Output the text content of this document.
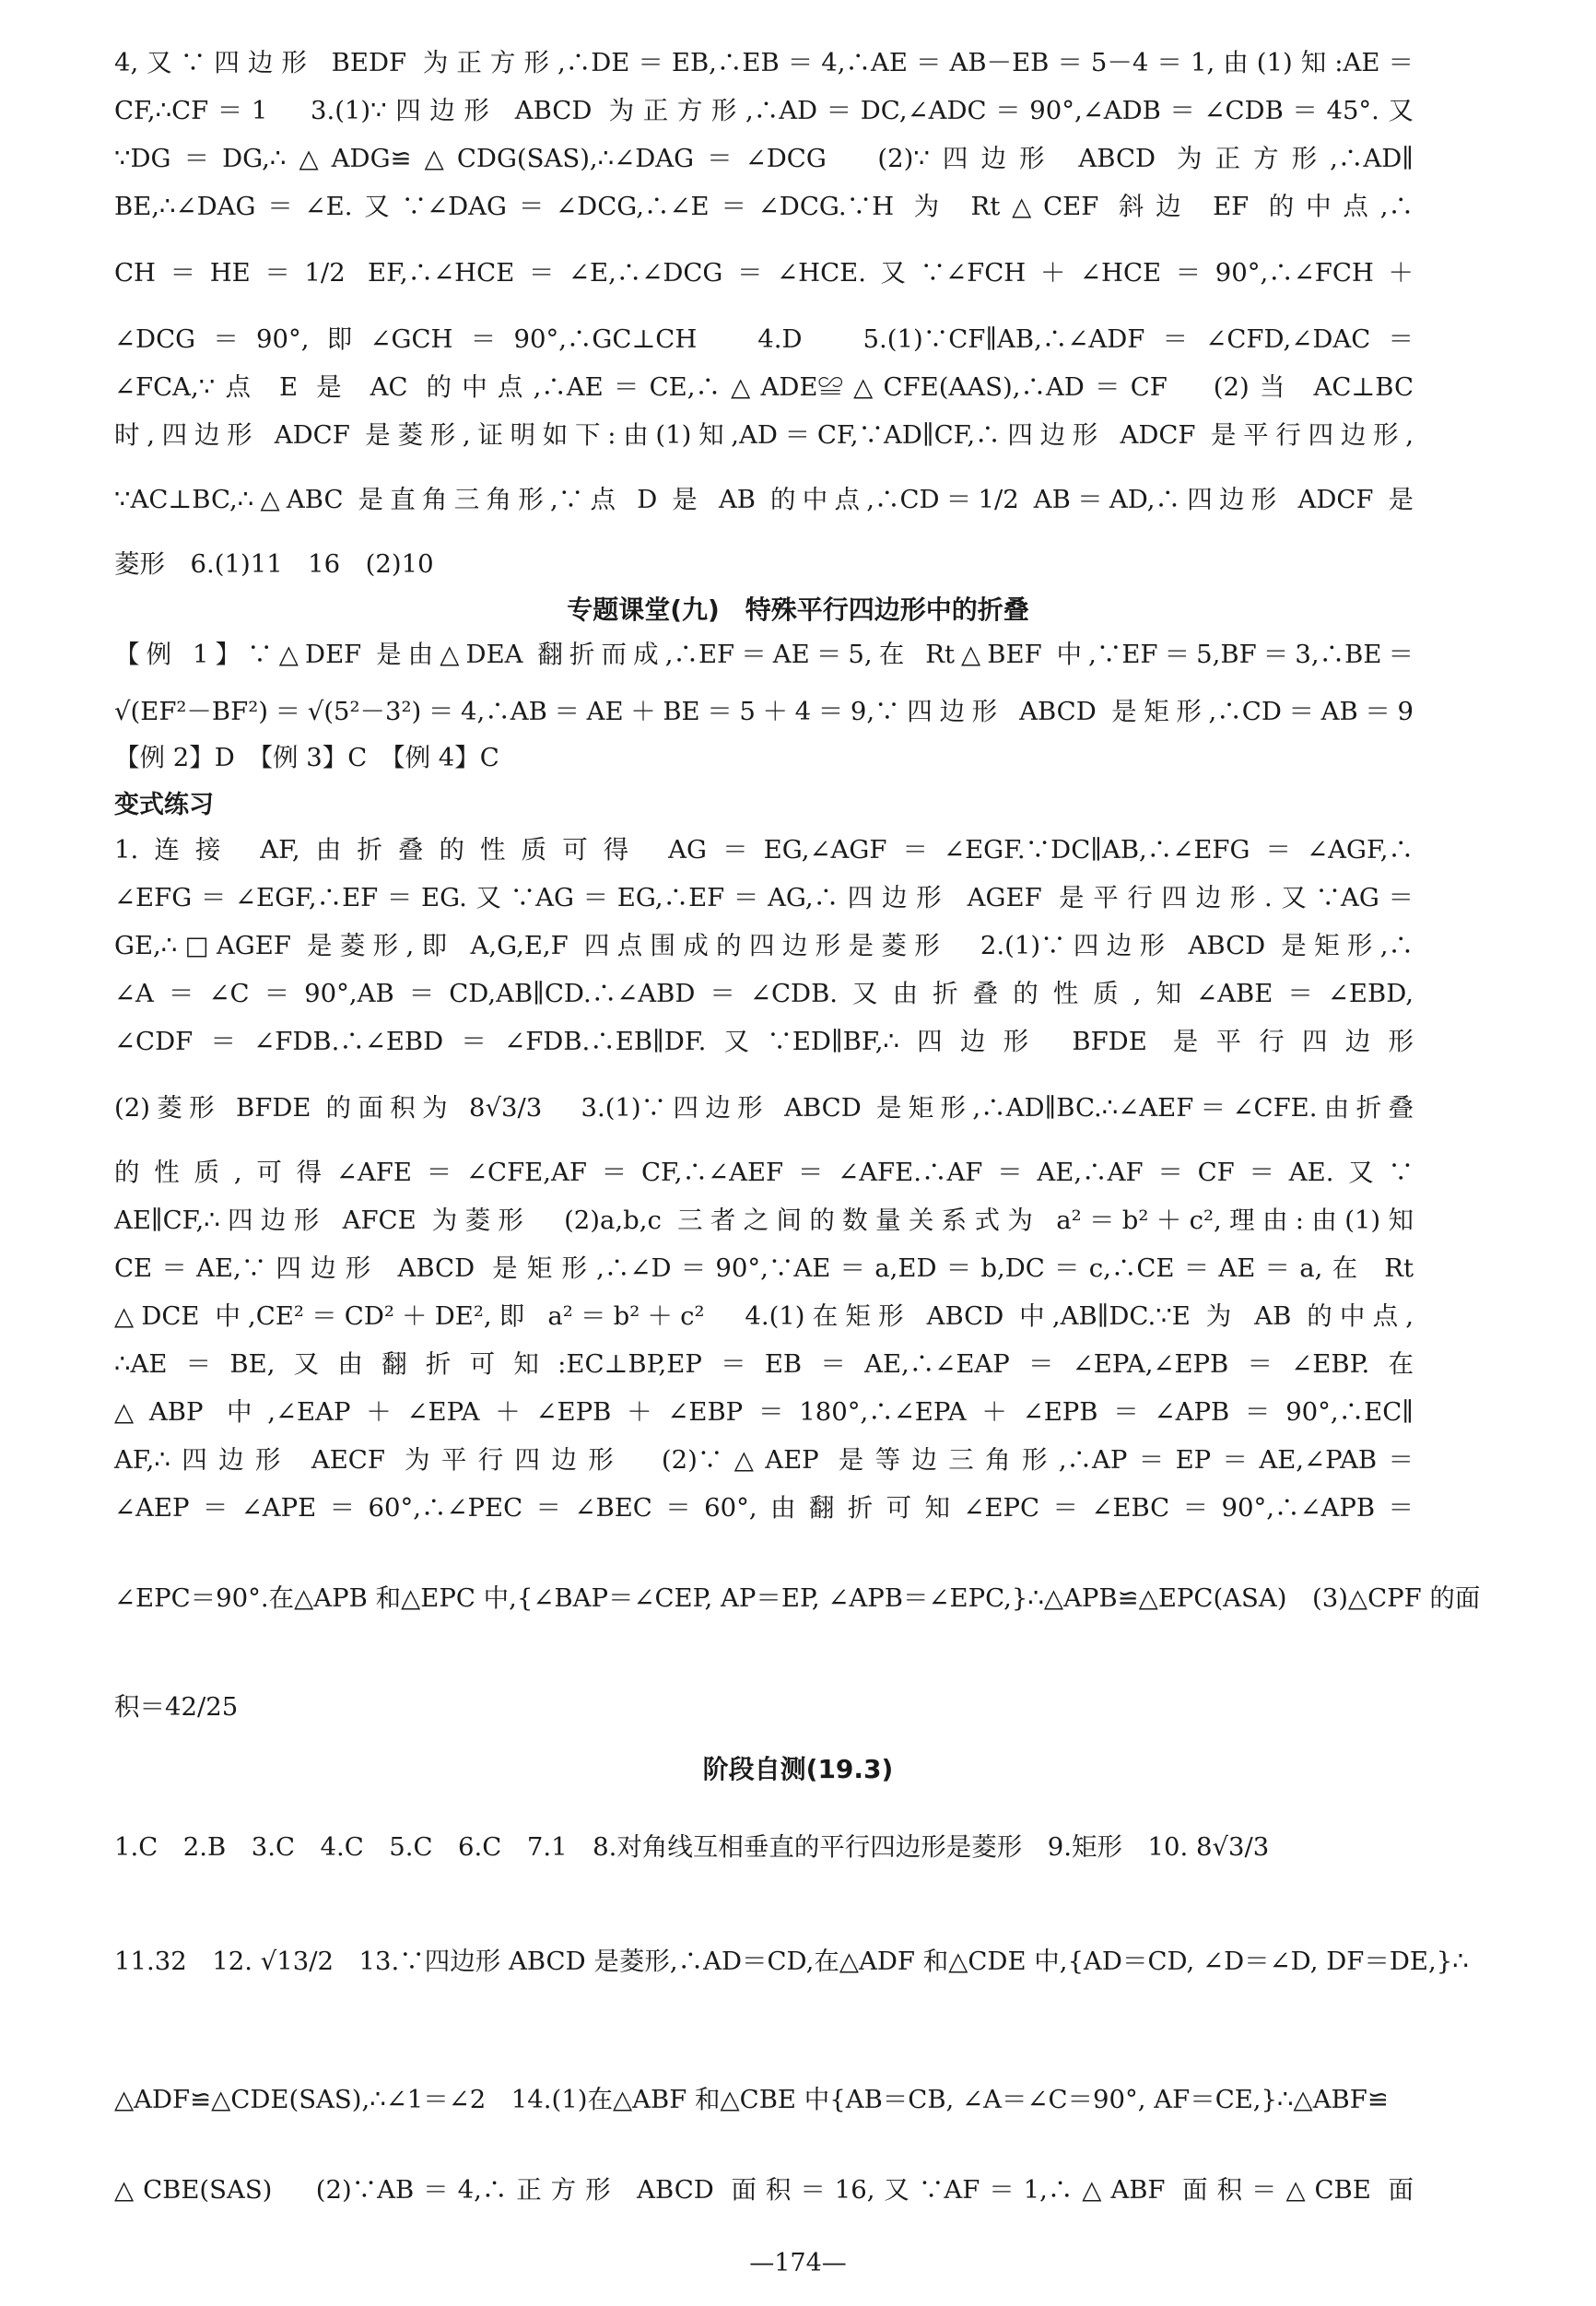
4,又∵四边形 BEDF 为正方形,∴DE＝EB,∴EB＝4,∴AE＝AB－EB＝5－4＝1,由(1)知:AE＝
CF,∴CF＝1　3.(1)∵四边形 ABCD 为正方形,∴AD＝DC,∠ADC＝90°,∠ADB＝∠CDB＝45°.又
∵DG＝DG,∴△ADG≌△CDG(SAS),∴∠DAG＝∠DCG　(2)∵四边形 ABCD 为正方形,∴AD∥
BE,∴∠DAG＝∠E.又∵∠DAG＝∠DCG,∴∠E＝∠DCG.∵H 为 Rt△CEF 斜边 EF 的中点,∴
CH＝HE＝1/2 EF,∴∠HCE＝∠E,∴∠DCG＝∠HCE.又∵∠FCH＋∠HCE＝90°,∴∠FCH＋
∠DCG＝90°,即∠GCH＝90°,∴GC⊥CH　4.D　5.(1)∵CF∥AB,∴∠ADF＝∠CFD,∠DAC＝
∠FCA,∵点 E 是 AC 的中点,∴AE＝CE,∴△ADE≌△CFE(AAS),∴AD＝CF　(2)当 AC⊥BC
时,四边形 ADCF 是菱形,证明如下:由(1)知,AD＝CF,∵AD∥CF,∴四边形 ADCF 是平行四边形,
∵AC⊥BC,∴△ABC 是直角三角形,∵点 D 是 AB 的中点,∴CD＝1/2 AB＝AD,∴四边形 ADCF 是
菱形　6.(1)11　16　(2)10
专题课堂(九)　特殊平行四边形中的折叠
【例 1】∵△DEF 是由△DEA 翻折而成,∴EF＝AE＝5,在 Rt△BEF 中,∵EF＝5,BF＝3,∴BE＝
√(EF²－BF²)＝√(5²－3²)＝4,∴AB＝AE＋BE＝5＋4＝9,∵四边形 ABCD 是矩形,∴CD＝AB＝9
【例 2】D　【例 3】C　【例 4】C
变式练习
1.连接 AF,由折叠的性质可得 AG＝EG,∠AGF＝∠EGF.∵DC∥AB,∴∠EFG＝∠AGF,∴
∠EFG＝∠EGF,∴EF＝EG.又∵AG＝EG,∴EF＝AG,∴四边形 AGEF 是平行四边形.又∵AG＝
GE,∴□AGEF 是菱形,即 A,G,E,F 四点围成的四边形是菱形　2.(1)∵四边形 ABCD 是矩形,∴
∠A＝∠C＝90°,AB＝CD,AB∥CD.∴∠ABD＝∠CDB.又由折叠的性质,知∠ABE＝∠EBD,
∠CDF＝∠FDB.∴∠EBD＝∠FDB.∴EB∥DF.又∵ED∥BF,∴四边形 BFDE 是平行四边形
(2)菱形 BFDE 的面积为 8√3/3　3.(1)∵四边形 ABCD 是矩形,∴AD∥BC.∴∠AEF＝∠CFE.由折叠
的性质,可得∠AFE＝∠CFE,AF＝CF,∴∠AEF＝∠AFE.∴AF＝AE,∴AF＝CF＝AE.又∵
AE∥CF,∴四边形 AFCE 为菱形　(2)a,b,c 三者之间的数量关系式为 a²＝b²＋c²,理由:由(1)知
CE＝AE,∵四边形 ABCD 是矩形,∴∠D＝90°,∵AE＝a,ED＝b,DC＝c,∴CE＝AE＝a,在 Rt
△DCE 中,CE²＝CD²＋DE²,即 a²＝b²＋c²　4.(1)在矩形 ABCD 中,AB∥DC.∵E 为 AB 的中点,
∴AE＝BE,又由翻折可知:EC⊥BP,EP＝EB＝AE,∴∠EAP＝∠EPA,∠EPB＝∠EBP.在
△ABP 中,∠EAP＋∠EPA＋∠EPB＋∠EBP＝180°,∴∠EPA＋∠EPB＝∠APB＝90°,∴EC∥
AF,∴四边形 AECF 为平行四边形　(2)∵△AEP 是等边三角形,∴AP＝EP＝AE,∠PAB＝
∠AEP＝∠APE＝60°,∴∠PEC＝∠BEC＝60°,由翻折可知∠EPC＝∠EBC＝90°,∴∠APB＝
∠EPC＝90°.在△APB 和△EPC 中,{∠BAP＝∠CEP, AP＝EP, ∠APB＝∠EPC,}∴△APB≌△EPC(ASA)　(3)△CPF 的面
积＝42/25
阶段自测(19.3)
1.C　2.B　3.C　4.C　5.C　6.C　7.1　8.对角线互相垂直的平行四边形是菱形　9.矩形　10. 8√3/3
11.32　12. √13/2　13.∵四边形 ABCD 是菱形,∴AD＝CD,在△ADF 和△CDE 中,{AD＝CD, ∠D＝∠D, DF＝DE,}∴
△ADF≌△CDE(SAS),∴∠1＝∠2　14.(1)在△ABF 和△CBE 中{AB＝CB, ∠A＝∠C＝90°, AF＝CE,}∴△ABF≌
△CBE(SAS)　(2)∵AB＝4,∴正方形 ABCD 面积＝16,又∵AF＝1,∴△ABF 面积＝△CBE 面
—174—
